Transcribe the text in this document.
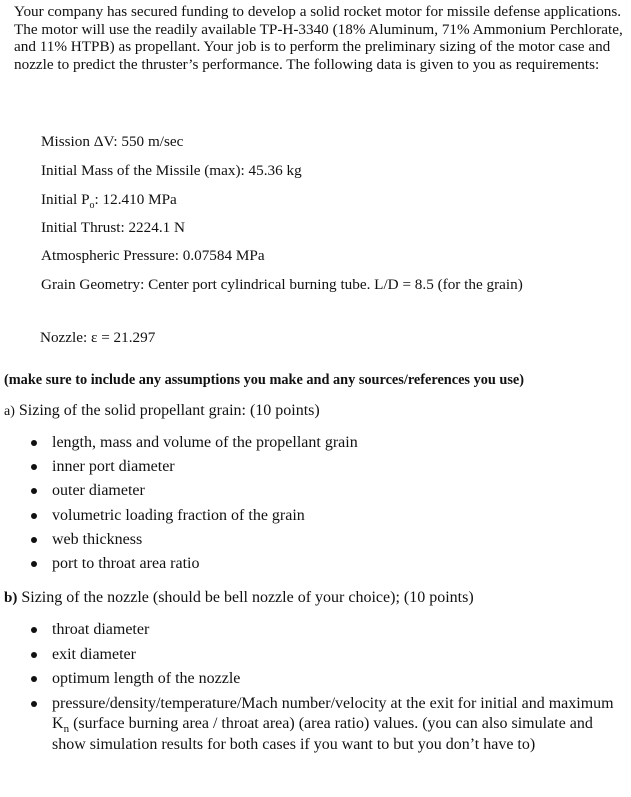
Your company has secured funding to develop a solid rocket motor for missile defense applications. The motor will use the readily available TP-H-3340 (18% Aluminum, 71% Ammonium Perchlorate, and 11% HTPB) as propellant. Your job is to perform the preliminary sizing of the motor case and nozzle to predict the thruster’s performance. The following data is given to you as requirements:

Mission ΔV: 550 m/sec

Initial Mass of the Missile (max): 45.36 kg

Initial $P_o$: 12.410 MPa

Initial Thrust: 2224.1 N

Atmospheric Pressure: 0.07584 MPa

Grain Geometry: Center port cylindrical burning tube. L/D = 8.5 (for the grain)

Nozzle: ε = 21.297

(make sure to include any assumptions you make and any sources/references you use)

a) Sizing of the solid propellant grain: (10 points)

length, mass and volume of the propellant grain
inner port diameter
outer diameter
volumetric loading fraction of the grain
web thickness
port to throat area ratio

b) Sizing of the nozzle (should be bell nozzle of your choice); (10 points)

throat diameter
exit diameter
optimum length of the nozzle
pressure/density/temperature/Mach number/velocity at the exit for initial and maximum $K_n$ (surface burning area / throat area) (area ratio) values. (you can also simulate and show simulation results for both cases if you want to but you don’t have to)
